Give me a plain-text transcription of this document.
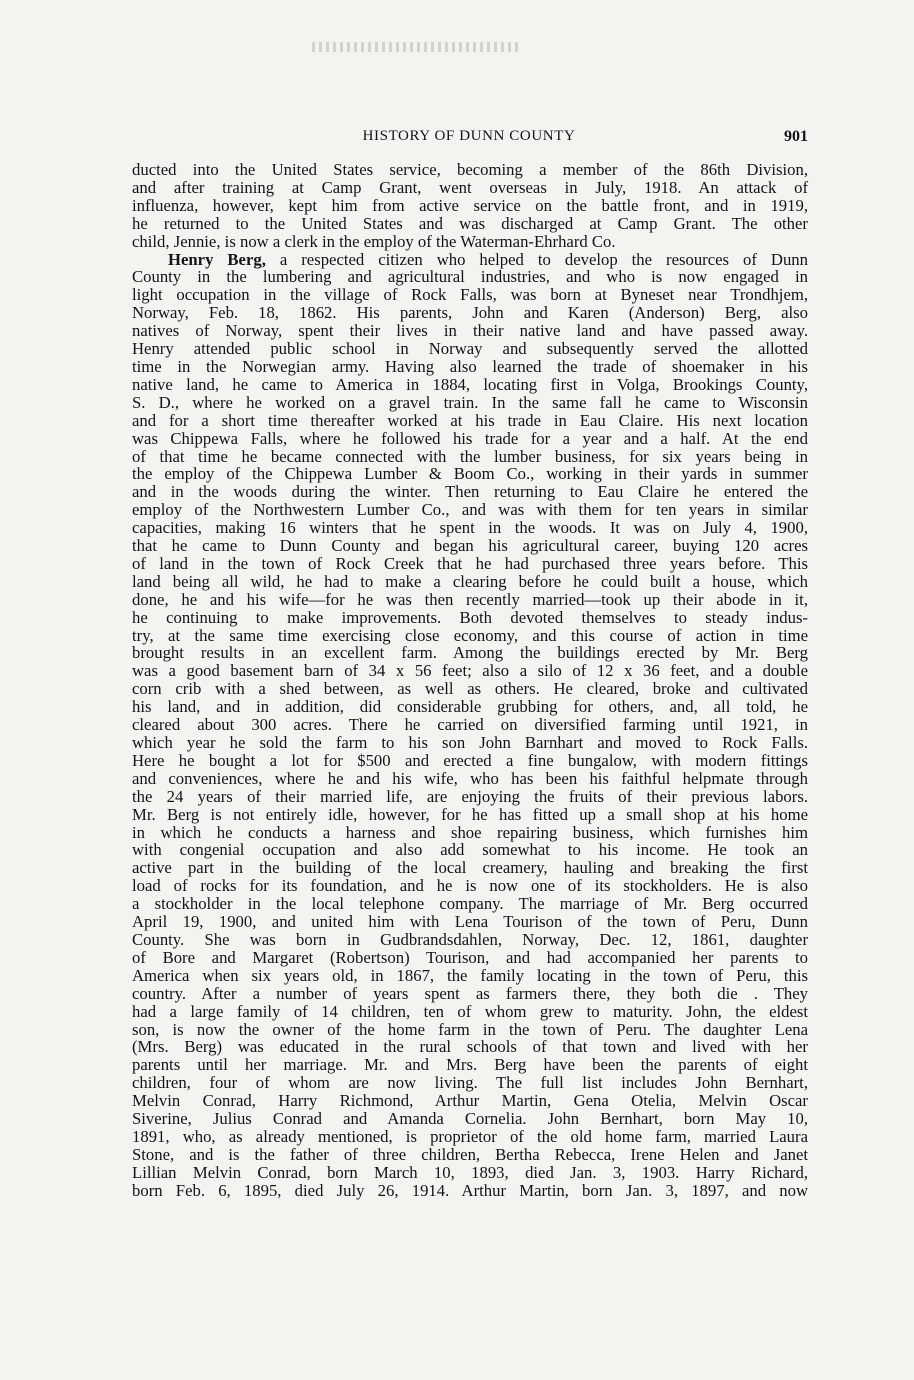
HISTORY OF DUNN COUNTY	901
ducted into the United States service, becoming a member of the 86th Division,
and after training at Camp Grant, went overseas in July, 1918. An attack of
influenza, however, kept him from active service on the battle front, and in 1919,
he returned to the United States and was discharged at Camp Grant. The other
child, Jennie, is now a clerk in the employ of the Waterman-Ehrhard Co.
Henry Berg, a respected citizen who helped to develop the resources of Dunn
County in the lumbering and agricultural industries, and who is now engaged in
light occupation in the village of Rock Falls, was born at Byneset near Trondhjem,
Norway, Feb. 18, 1862. His parents, John and Karen (Anderson) Berg, also
natives of Norway, spent their lives in their native land and have passed away.
Henry attended public school in Norway and subsequently served the allotted
time in the Norwegian army. Having also learned the trade of shoemaker in his
native land, he came to America in 1884, locating first in Volga, Brookings County,
S. D., where he worked on a gravel train. In the same fall he came to Wisconsin
and for a short time thereafter worked at his trade in Eau Claire. His next location
was Chippewa Falls, where he followed his trade for a year and a half. At the end
of that time he became connected with the lumber business, for six years being in
the employ of the Chippewa Lumber & Boom Co., working in their yards in summer
and in the woods during the winter. Then returning to Eau Claire he entered the
employ of the Northwestern Lumber Co., and was with them for ten years in similar
capacities, making 16 winters that he spent in the woods. It was on July 4, 1900,
that he came to Dunn County and began his agricultural career, buying 120 acres
of land in the town of Rock Creek that he had purchased three years before. This
land being all wild, he had to make a clearing before he could built a house, which
done, he and his wife—for he was then recently married—took up their abode in it,
he continuing to make improvements. Both devoted themselves to steady indus-
try, at the same time exercising close economy, and this course of action in time
brought results in an excellent farm. Among the buildings erected by Mr. Berg
was a good basement barn of 34 x 56 feet; also a silo of 12 x 36 feet, and a double
corn crib with a shed between, as well as others. He cleared, broke and cultivated
his land, and in addition, did considerable grubbing for others, and, all told, he
cleared about 300 acres. There he carried on diversified farming until 1921, in
which year he sold the farm to his son John Barnhart and moved to Rock Falls.
Here he bought a lot for $500 and erected a fine bungalow, with modern fittings
and conveniences, where he and his wife, who has been his faithful helpmate through
the 24 years of their married life, are enjoying the fruits of their previous labors.
Mr. Berg is not entirely idle, however, for he has fitted up a small shop at his home
in which he conducts a harness and shoe repairing business, which furnishes him
with congenial occupation and also add somewhat to his income. He took an
active part in the building of the local creamery, hauling and breaking the first
load of rocks for its foundation, and he is now one of its stockholders. He is also
a stockholder in the local telephone company. The marriage of Mr. Berg occurred
April 19, 1900, and united him with Lena Tourison of the town of Peru, Dunn
County. She was born in Gudbrandsdahlen, Norway, Dec. 12, 1861, daughter
of Bore and Margaret (Robertson) Tourison, and had accompanied her parents to
America when six years old, in 1867, the family locating in the town of Peru, this
country. After a number of years spent as farmers there, they both die . They
had a large family of 14 children, ten of whom grew to maturity. John, the eldest
son, is now the owner of the home farm in the town of Peru. The daughter Lena
(Mrs. Berg) was educated in the rural schools of that town and lived with her
parents until her marriage. Mr. and Mrs. Berg have been the parents of eight
children, four of whom are now living. The full list includes John Bernhart,
Melvin Conrad, Harry Richmond, Arthur Martin, Gena Otelia, Melvin Oscar
Siverine, Julius Conrad and Amanda Cornelia. John Bernhart, born May 10,
1891, who, as already mentioned, is proprietor of the old home farm, married Laura
Stone, and is the father of three children, Bertha Rebecca, Irene Helen and Janet
Lillian Melvin Conrad, born March 10, 1893, died Jan. 3, 1903. Harry Richard,
born Feb. 6, 1895, died July 26, 1914. Arthur Martin, born Jan. 3, 1897, and now
